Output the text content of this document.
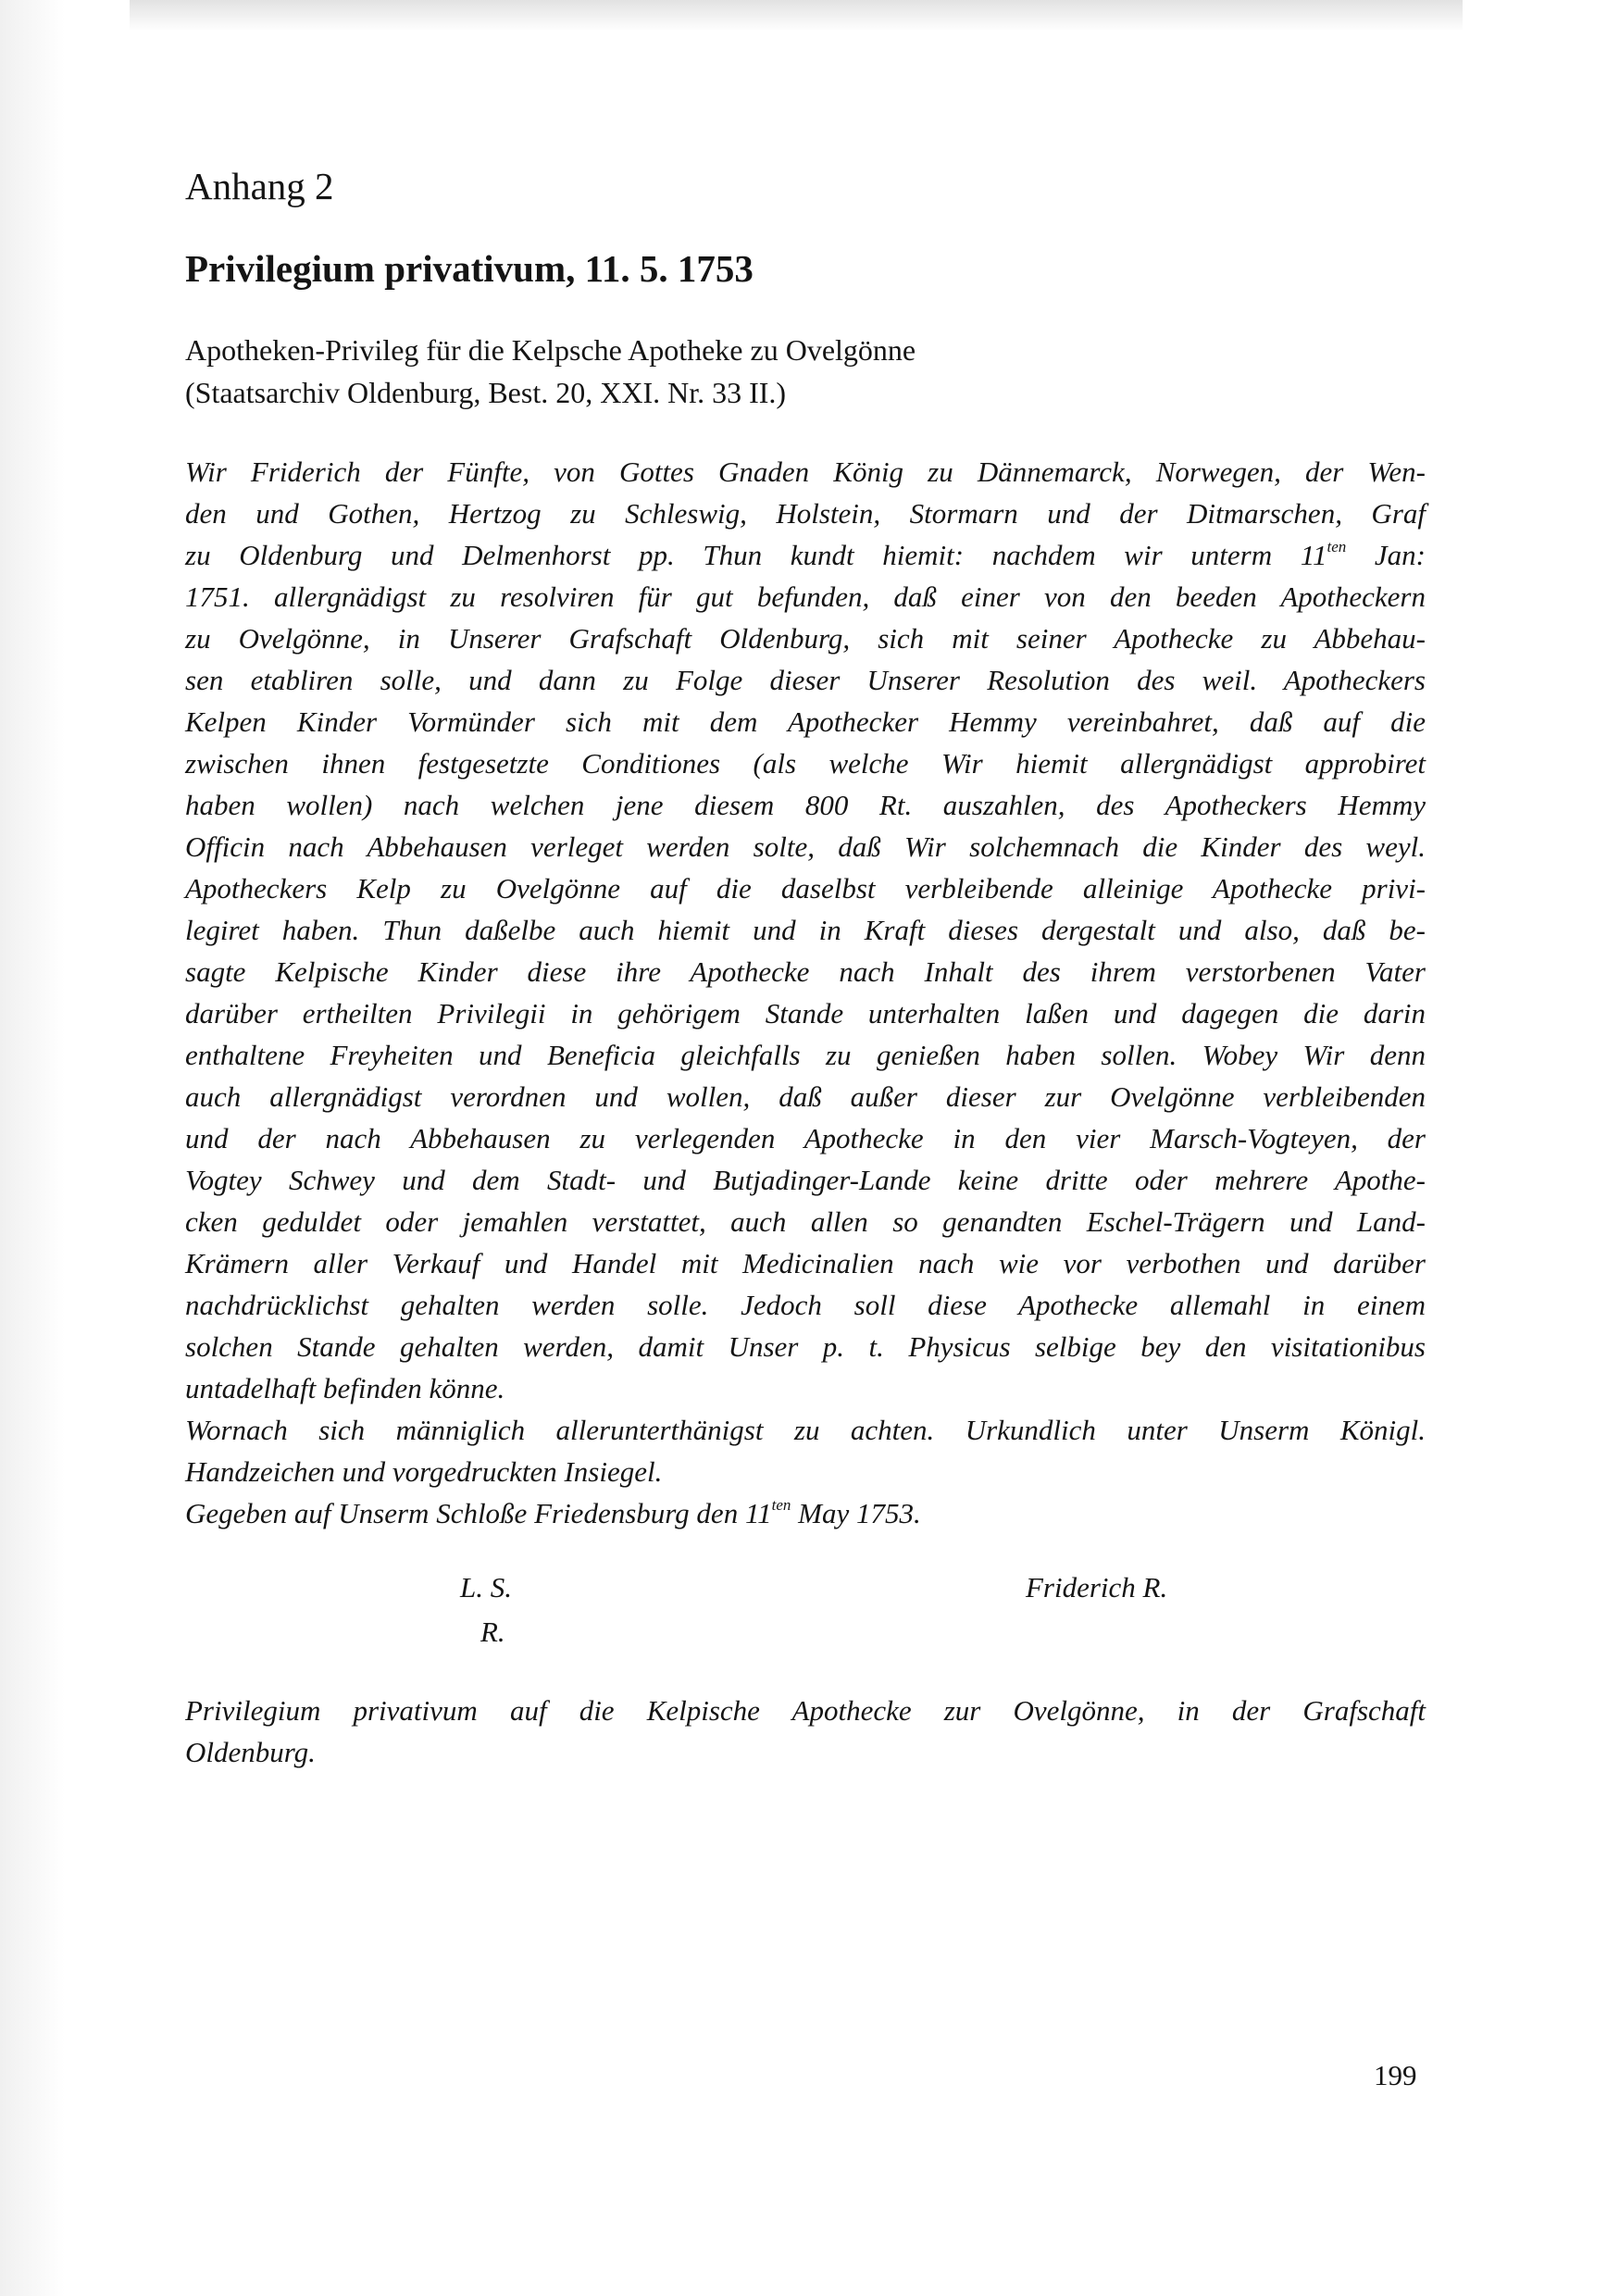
Anhang 2
Privilegium privativum, 11. 5. 1753
Apotheken-Privileg für die Kelpsche Apotheke zu Ovelgönne
(Staatsarchiv Oldenburg, Best. 20, XXI. Nr. 33 II.)
Wir Friderich der Fünfte, von Gottes Gnaden König zu Dännemarck, Norwegen, der Wen-
den und Gothen, Hertzog zu Schleswig, Holstein, Stormarn und der Ditmarschen, Graf
zu Oldenburg und Delmenhorst pp. Thun kundt hiemit: nachdem wir unterm $11^{ten}$ Jan:
1751. allergnädigst zu resolviren für gut befunden, daß einer von den beeden Apotheckern
zu Ovelgönne, in Unserer Grafschaft Oldenburg, sich mit seiner Apothecke zu Abbehau-
sen etabliren solle, und dann zu Folge dieser Unserer Resolution des weil. Apotheckers
Kelpen Kinder Vormünder sich mit dem Apothecker Hemmy vereinbahret, daß auf die
zwischen ihnen festgesetzte Conditiones (als welche Wir hiemit allergnädigst approbiret
haben wollen) nach welchen jene diesem 800 Rt. auszahlen, des Apotheckers Hemmy
Officin nach Abbehausen verleget werden solte, daß Wir solchemnach die Kinder des weyl.
Apotheckers Kelp zu Ovelgönne auf die daselbst verbleibende alleinige Apothecke privi-
legiret haben. Thun daßelbe auch hiemit und in Kraft dieses dergestalt und also, daß be-
sagte Kelpische Kinder diese ihre Apothecke nach Inhalt des ihrem verstorbenen Vater
darüber ertheilten Privilegii in gehörigem Stande unterhalten laßen und dagegen die darin
enthaltene Freyheiten und Beneficia gleichfalls zu genießen haben sollen. Wobey Wir denn
auch allergnädigst verordnen und wollen, daß außer dieser zur Ovelgönne verbleibenden
und der nach Abbehausen zu verlegenden Apothecke in den vier Marsch-Vogteyen, der
Vogtey Schwey und dem Stadt- und Butjadinger-Lande keine dritte oder mehrere Apothe-
cken geduldet oder jemahlen verstattet, auch allen so genandten Eschel-Trägern und Land-
Krämern aller Verkauf und Handel mit Medicinalien nach wie vor verbothen und darüber
nachdrücklichst gehalten werden solle. Jedoch soll diese Apothecke allemahl in einem
solchen Stande gehalten werden, damit Unser p. t. Physicus selbige bey den visitationibus
untadelhaft befinden könne.
Wornach sich männiglich allerunterthänigst zu achten. Urkundlich unter Unserm Königl.
Handzeichen und vorgedruckten Insiegel.
Gegeben auf Unserm Schloße Friedensburg den $11^{ten}$ May 1753.
L. S.
R.
Friderich R.
Privilegium privativum auf die Kelpische Apothecke zur Ovelgönne, in der Grafschaft
Oldenburg.
199
